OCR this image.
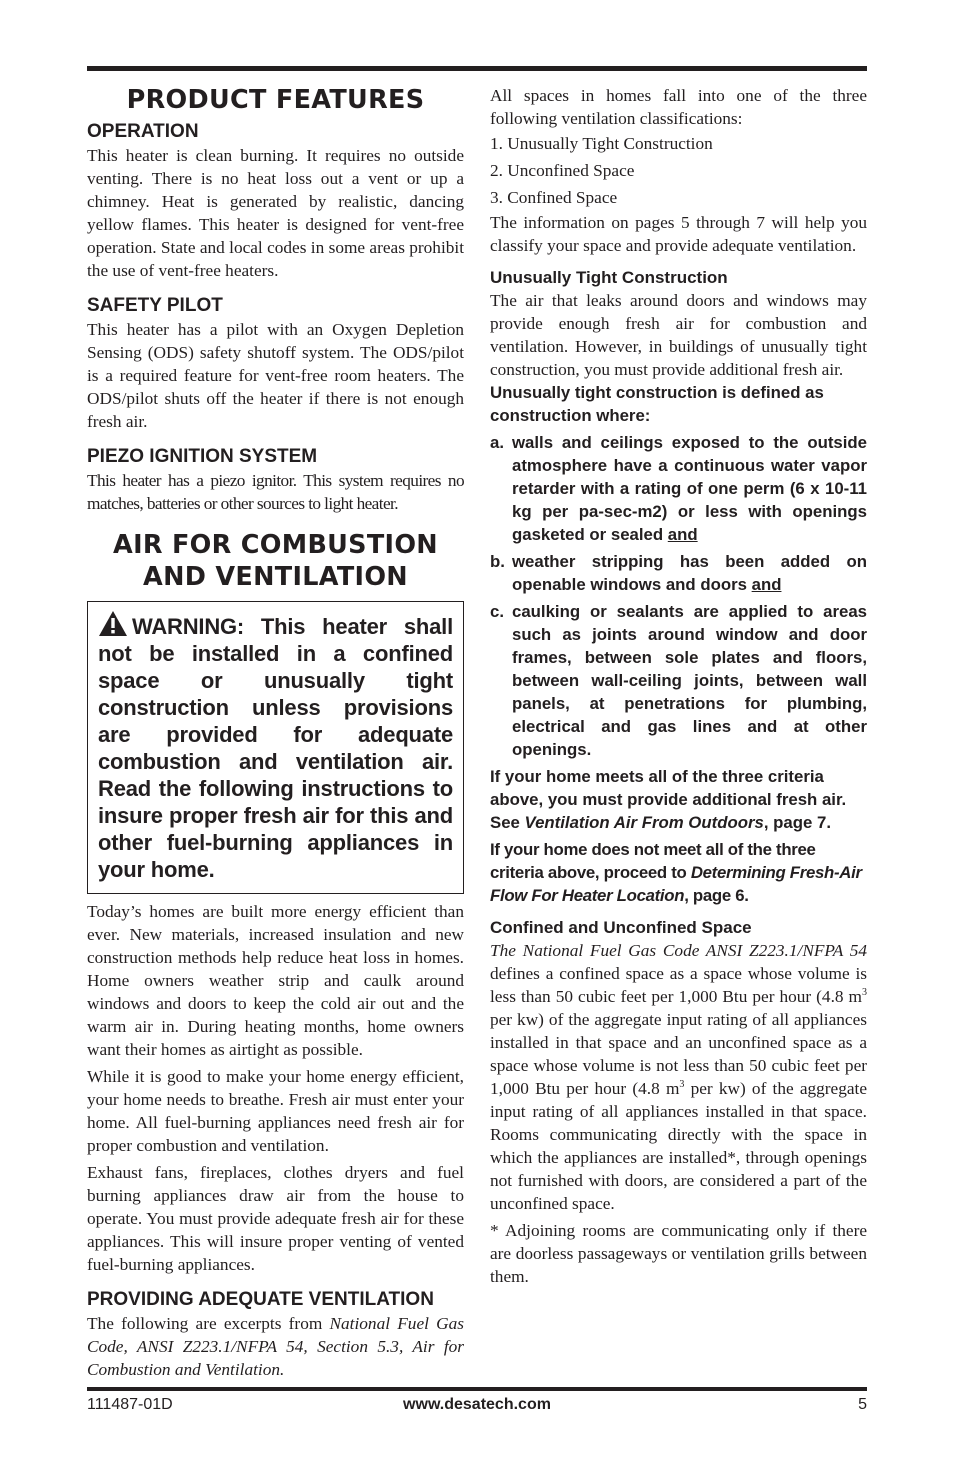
PRODUCT FEATURES
OPERATION

This heater is clean burning. It requires no outside venting. There is no heat loss out a vent or up a chimney. Heat is generated by realistic, dancing yellow flames. This heater is designed for vent-free operation. State and local codes in some areas prohibit the use of vent-free heaters.

SAFETY PILOT

This heater has a pilot with an Oxygen Depletion Sensing (ODS) safety shutoff system. The ODS/pilot is a required feature for vent-free room heaters. The ODS/pilot shuts off the heater if there is not enough fresh air.

PIEZO IGNITION SYSTEM

This heater has a piezo ignitor. This system requires no matches, batteries or other sources to light heater.

AIR FOR COMBUSTION
AND VENTILATION

WARNING: This heater shall not be installed in a confined space or unusually tight construction unless provisions are provided for adequate combustion and ventilation air. Read the following instructions to insure proper fresh air for this and other fuel-burning appliances in your home.

Today’s homes are built more energy efficient than ever. New materials, increased insulation and new construction methods help reduce heat loss in homes. Home owners weather strip and caulk around windows and doors to keep the cold air out and the warm air in. During heating months, home owners want their homes as airtight as possible.

While it is good to make your home energy efficient, your home needs to breathe. Fresh air must enter your home. All fuel-burning appliances need fresh air for proper combustion and ventilation.

Exhaust fans, fireplaces, clothes dryers and fuel burning appliances draw air from the house to operate. You must provide adequate fresh air for these appliances. This will insure proper venting of vented fuel-burning appliances.

PROVIDING ADEQUATE VENTILATION

The following are excerpts from National Fuel Gas Code, ANSI Z223.1/NFPA 54, Section 5.3, Air for Combustion and Ventilation.

All spaces in homes fall into one of the three following ventilation classifications:

1. Unusually Tight Construction
2. Unconfined Space
3. Confined Space

The information on pages 5 through 7 will help you classify your space and provide adequate ventilation.

Unusually Tight Construction

The air that leaks around doors and windows may provide enough fresh air for combustion and ventilation. However, in buildings of unusually tight construction, you must provide additional fresh air.

Unusually tight construction is defined as construction where:

a. walls and ceilings exposed to the outside atmosphere have a continuous water vapor retarder with a rating of one perm (6 x 10-11 kg per pa-sec-m2) or less with openings gasketed or sealed and

b. weather stripping has been added on openable windows and doors and

c. caulking or sealants are applied to areas such as joints around window and door frames, between sole plates and floors, between wall-ceiling joints, between wall panels, at penetrations for plumbing, electrical and gas lines and at other openings.

If your home meets all of the three criteria above, you must provide additional fresh air. See Ventilation Air From Outdoors, page 7.

If your home does not meet all of the three criteria above, proceed to Determining Fresh-Air Flow For Heater Location, page 6.

Confined and Unconfined Space

The National Fuel Gas Code ANSI Z223.1/NFPA 54 defines a confined space as a space whose volume is less than 50 cubic feet per 1,000 Btu per hour (4.8 $m^3$ per kw) of the aggregate input rating of all appliances installed in that space and an unconfined space as a space whose volume is not less than 50 cubic feet per 1,000 Btu per hour (4.8 $m^3$ per kw) of the aggregate input rating of all appliances installed in that space. Rooms communicating directly with the space in which the appliances are installed*, through openings not furnished with doors, are considered a part of the unconfined space.

* Adjoining rooms are communicating only if there are doorless passageways or ventilation grills between them.

www.desatech.com
111487-01D	5
